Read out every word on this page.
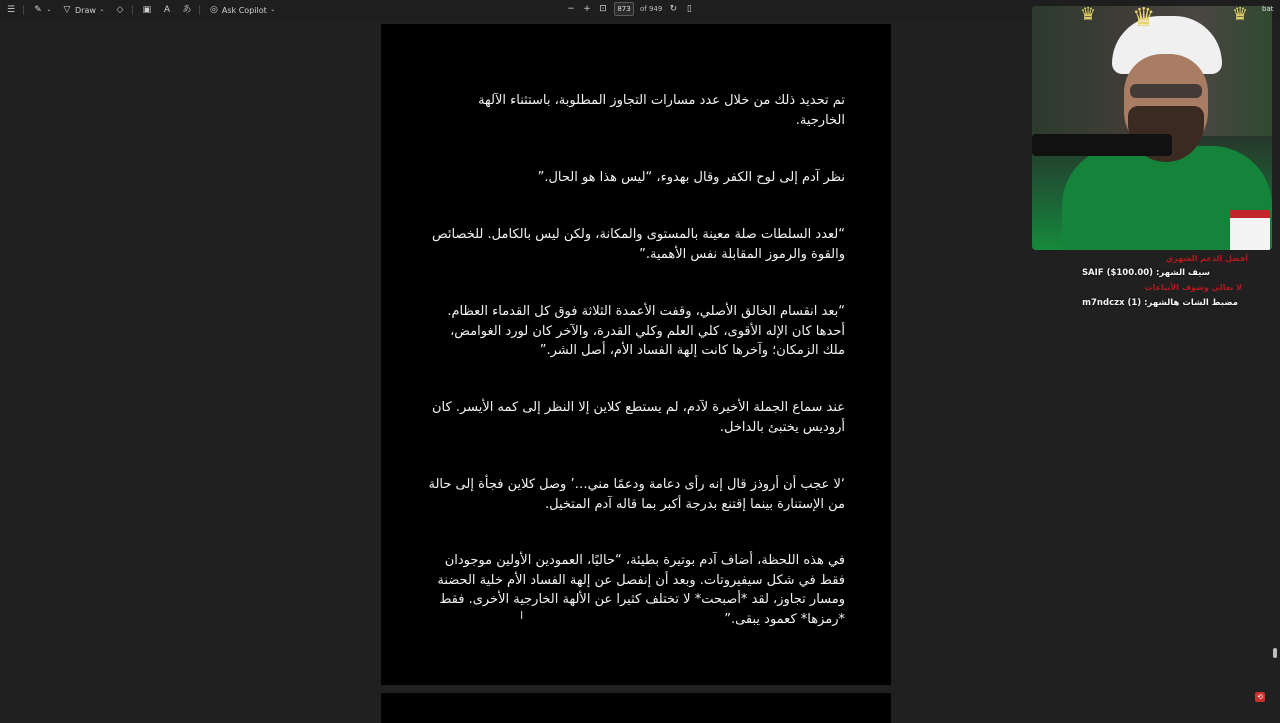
☰ ✎ ⌄ ▽ Draw ⌄ ◇ ▣ A あ ◎ Ask Copilot ⌄	− + ⊡	873	of 949 ↻ ▯
تم تحديد ذلك من خلال عدد مسارات التجاوز المطلوبة، باستثناء الآلهة الخارجية.
نظر آدم إلى لوح الكفر وقال بهدوء، “ليس هذا هو الحال.”
“لعدد السلطات صلة معينة بالمستوى والمكانة، ولكن ليس بالكامل. للخصائص والقوة والرموز المقابلة نفس الأهمية.”
“بعد انقسام الخالق الأصلي، وقفت الأعمدة الثلاثة فوق كل القدماء العظام. أحدها كان الإله الأقوى، كلي العلم وكلي القدرة، والآخر كان لورد الغوامض، ملك الزمكان؛ وآخرها كانت إلهة الفساد الأم، أصل الشر.”
عند سماع الجملة الأخيرة لآدم، لم يستطع كلاين إلا النظر إلى كمه الأيسر. كان أروديس يختبئ بالداخل.
‘لا عجب أن أروذز قال إنه رأى دعامة ودعمًا مني…’ وصل كلاين فجأة إلى حالة من الإستنارة بينما إقتنع بدرجة أكبر بما قاله آدم المتخيل.
في هذه اللحظة، أضاف آدم بوتيرة بطيئة، “حاليًا، العمودين الأولين موجودان فقط في شكل سيفيروتات. وبعد أن إنفصل عن إلهة الفساد الأم خلية الحضنة ومسار تجاوز، لقد *أصبحت* لا تختلف كثيرا عن الألهة الخارجية الأخرى. فقط *رمزها* كعمود يبقى.”
I
♛ ♛	♛ bat
أفضل الدعم الشهري
سيف الشهر: SAIF ($100.00)
لا تعالى وشوف الأتباعات
مضبط الشات هالشهر: m7ndczx (1)
⟲
